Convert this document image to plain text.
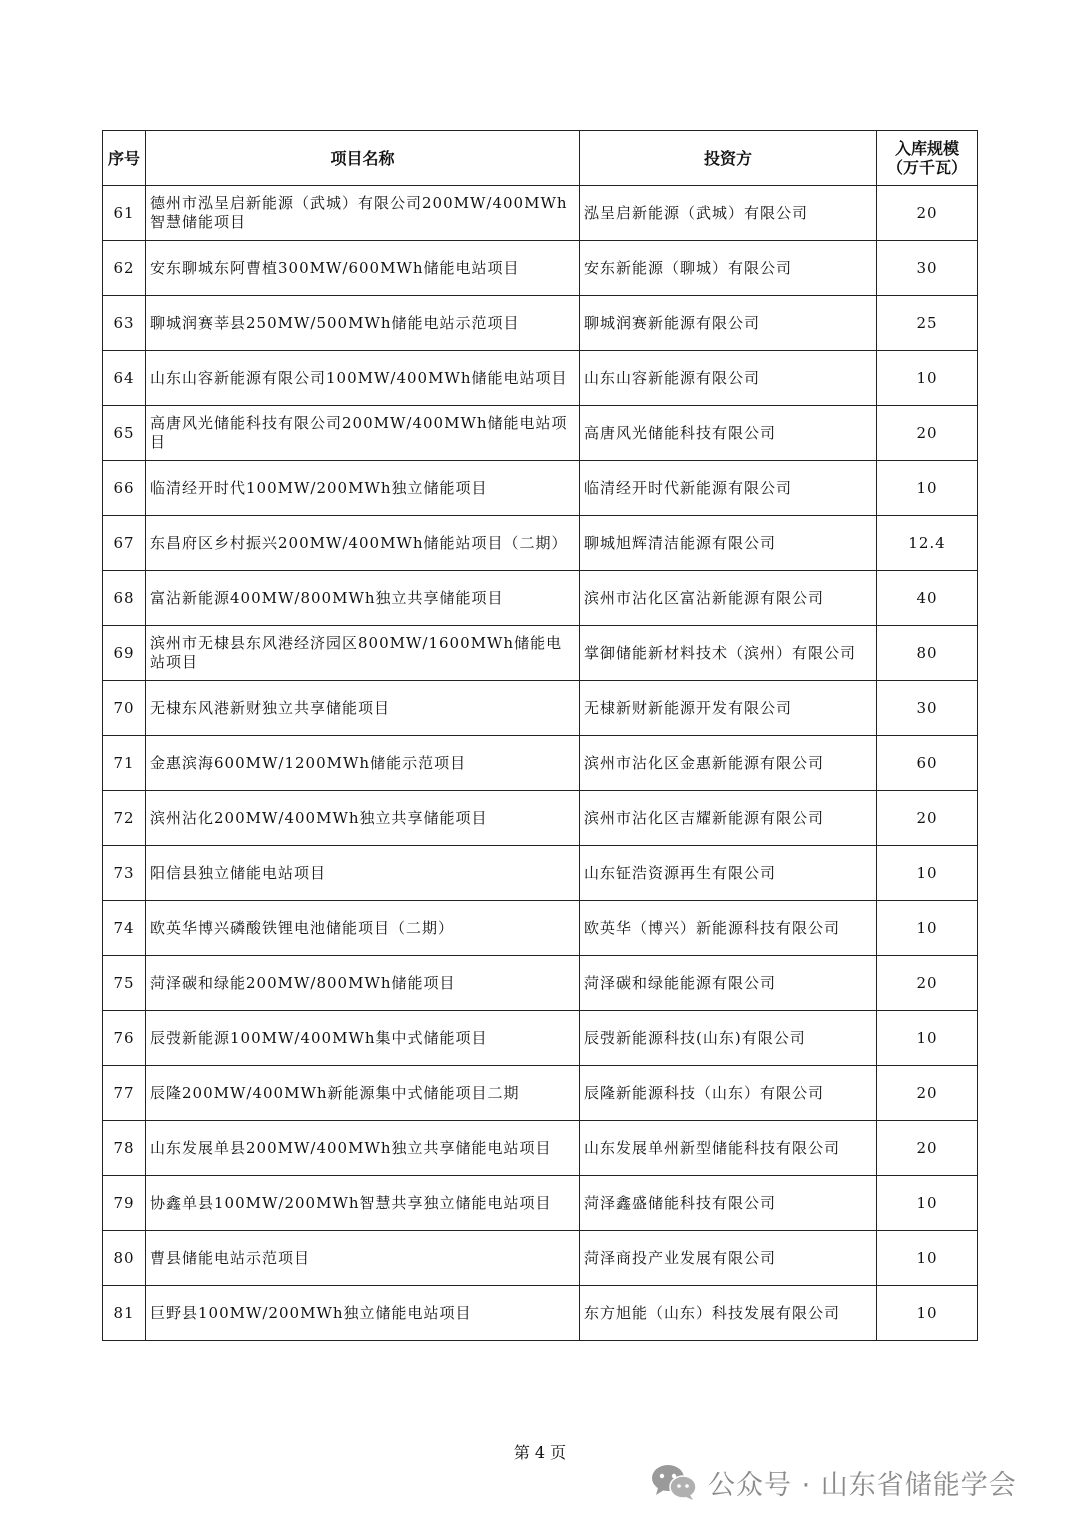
序号	项目名称	投资方	入库规模
（万千瓦）
61	德州市泓呈启新能源（武城）有限公司200MW/400MWh智慧储能项目	泓呈启新能源（武城）有限公司	20
62	安东聊城东阿曹植300MW/600MWh储能电站项目	安东新能源（聊城）有限公司	30
63	聊城润赛莘县250MW/500MWh储能电站示范项目	聊城润赛新能源有限公司	25
64	山东山容新能源有限公司100MW/400MWh储能电站项目	山东山容新能源有限公司	10
65	高唐风光储能科技有限公司200MW/400MWh储能电站项目	高唐风光储能科技有限公司	20
66	临清经开时代100MW/200MWh独立储能项目	临清经开时代新能源有限公司	10
67	东昌府区乡村振兴200MW/400MWh储能站项目（二期）	聊城旭辉清洁能源有限公司	12.4
68	富沾新能源400MW/800MWh独立共享储能项目	滨州市沾化区富沾新能源有限公司	40
69	滨州市无棣县东风港经济园区800MW/1600MWh储能电站项目	掌御储能新材料技术（滨州）有限公司	80
70	无棣东风港新财独立共享储能项目	无棣新财新能源开发有限公司	30
71	金惠滨海600MW/1200MWh储能示范项目	滨州市沾化区金惠新能源有限公司	60
72	滨州沾化200MW/400MWh独立共享储能项目	滨州市沾化区吉耀新能源有限公司	20
73	阳信县独立储能电站项目	山东钲浩资源再生有限公司	10
74	欧英华博兴磷酸铁锂电池储能项目（二期）	欧英华（博兴）新能源科技有限公司	10
75	菏泽碳和绿能200MW/800MWh储能项目	菏泽碳和绿能能源有限公司	20
76	辰弢新能源100MW/400MWh集中式储能项目	辰弢新能源科技(山东)有限公司	10
77	辰隆200MW/400MWh新能源集中式储能项目二期	辰隆新能源科技（山东）有限公司	20
78	山东发展单县200MW/400MWh独立共享储能电站项目	山东发展单州新型储能科技有限公司	20
79	协鑫单县100MW/200MWh智慧共享独立储能电站项目	菏泽鑫盛储能科技有限公司	10
80	曹县储能电站示范项目	菏泽商投产业发展有限公司	10
81	巨野县100MW/200MWh独立储能电站项目	东方旭能（山东）科技发展有限公司	10
第 4 页
公众号 · 山东省储能学会
